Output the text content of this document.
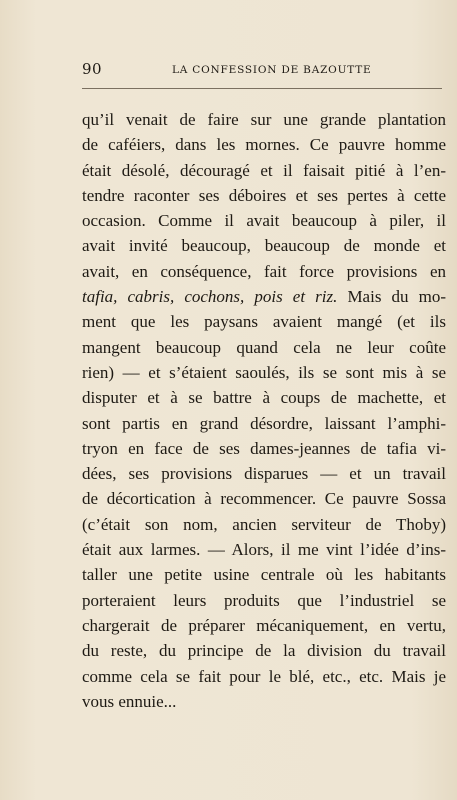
90	LA CONFESSION DE BAZOUTTE
qu’il venait de faire sur une grande plantation
de caféiers, dans les mornes. Ce pauvre homme
était désolé, découragé et il faisait pitié à l’en-
tendre raconter ses déboires et ses pertes à cette
occasion. Comme il avait beaucoup à piler, il
avait invité beaucoup, beaucoup de monde et
avait, en conséquence, fait force provisions en
tafia, cabris, cochons, pois et riz. Mais du mo-
ment que les paysans avaient mangé (et ils
mangent beaucoup quand cela ne leur coûte
rien) — et s’étaient saoulés, ils se sont mis à se
disputer et à se battre à coups de machette, et
sont partis en grand désordre, laissant l’amphi-
tryon en face de ses dames-jeannes de tafia vi-
dées, ses provisions disparues — et un travail
de décortication à recommencer. Ce pauvre Sossa
(c’était son nom, ancien serviteur de Thoby)
était aux larmes. — Alors, il me vint l’idée d’ins-
taller une petite usine centrale où les habitants
porteraient leurs produits que l’industriel se
chargerait de préparer mécaniquement, en vertu,
du reste, du principe de la division du travail
comme cela se fait pour le blé, etc., etc. Mais je
vous ennuie...
